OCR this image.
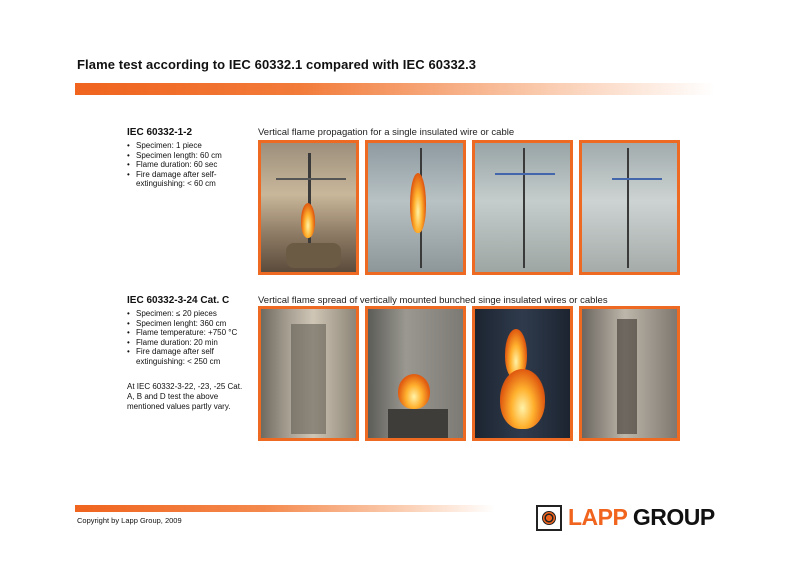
Flame test according to IEC 60332.1 compared with IEC 60332.3
IEC 60332-1-2
• Specimen: 1 piece
• Specimen length: 60 cm
• Flame duration: 60 sec
• Fire damage after self-extinguishing: < 60 cm
Vertical flame propagation for a single insulated wire or cable
IEC 60332-3-24 Cat. C
• Specimen: ≤ 20 pieces
• Specimen lenght: 360 cm
• Flame temperature: +750 °C
• Flame duration: 20 min
• Fire damage after self extinguishing: < 250 cm
At IEC 60332-3-22, -23, -25 Cat. A, B and D test the above mentioned values partly vary.
Vertical flame spread of vertically mounted bunched singe insulated wires or cables
Copyright by Lapp Group, 2009	LAPP GROUP
